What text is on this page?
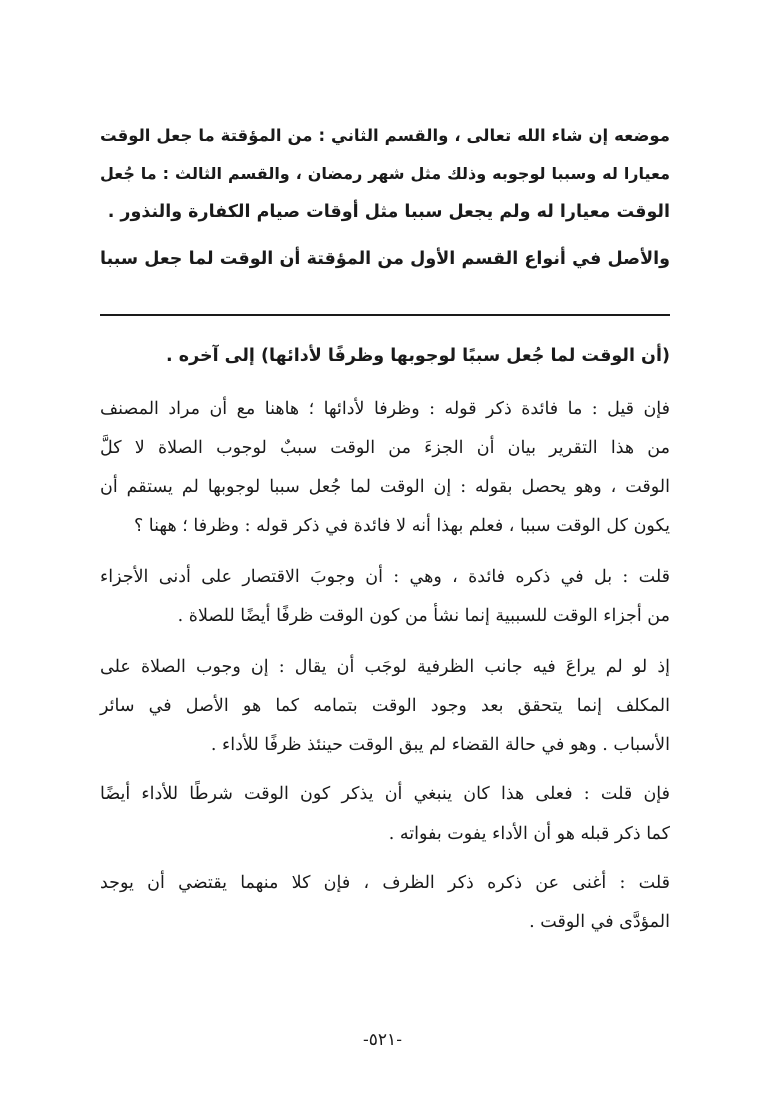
موضعه إن شاء الله تعالى ، والقسم الثاني : من المؤقتة ما جعل الوقت
معيارا له وسببا لوجوبه وذلك مثل شهر رمضان ، والقسم الثالث : ما جُعل
الوقت معيارا له ولم يجعل سببا مثل أوقات صيام الكفارة والنذور .
والأصل في أنواع القسم الأول من المؤقتة أن الوقت لما جعل سببا
(أن الوقت لما جُعل سببًا لوجوبها وظرفًا لأدائها) إلى آخره .
فإن قيل : ما فائدة ذكر قوله : وظرفا لأدائها ؛ هاهنا مع أن مراد المصنف
من هذا التقرير بيان أن الجزءَ من الوقت سببٌ لوجوب الصلاة لا كلَّ
الوقت ، وهو يحصل بقوله : إن الوقت لما جُعل سببا لوجوبها لم يستقم أن
يكون كل الوقت سببا ، فعلم بهذا أنه لا فائدة في ذكر قوله : وظرفا ؛ ههنا ؟
قلت : بل في ذكره فائدة ، وهي : أن وجوبَ الاقتصار على أدنى الأجزاء
من أجزاء الوقت للسببية إنما نشأ من كون الوقت ظرفًا أيضًا للصلاة .
إذ لو لم يراعَ فيه جانب الظرفية لوجَب أن يقال : إن وجوب الصلاة على
المكلف إنما يتحقق بعد وجود الوقت بتمامه كما هو الأصل في سائر
الأسباب . وهو في حالة القضاء لم يبق الوقت حينئذ ظرفًا للأداء .
فإن قلت : فعلى هذا كان ينبغي أن يذكر كون الوقت شرطًا للأداء أيضًا
كما ذكر قبله هو أن الأداء يفوت بفواته .
قلت : أغنى عن ذكره ذكر الظرف ، فإن كلا منهما يقتضي أن يوجد
المؤدَّى في الوقت .
-٥٢١-
